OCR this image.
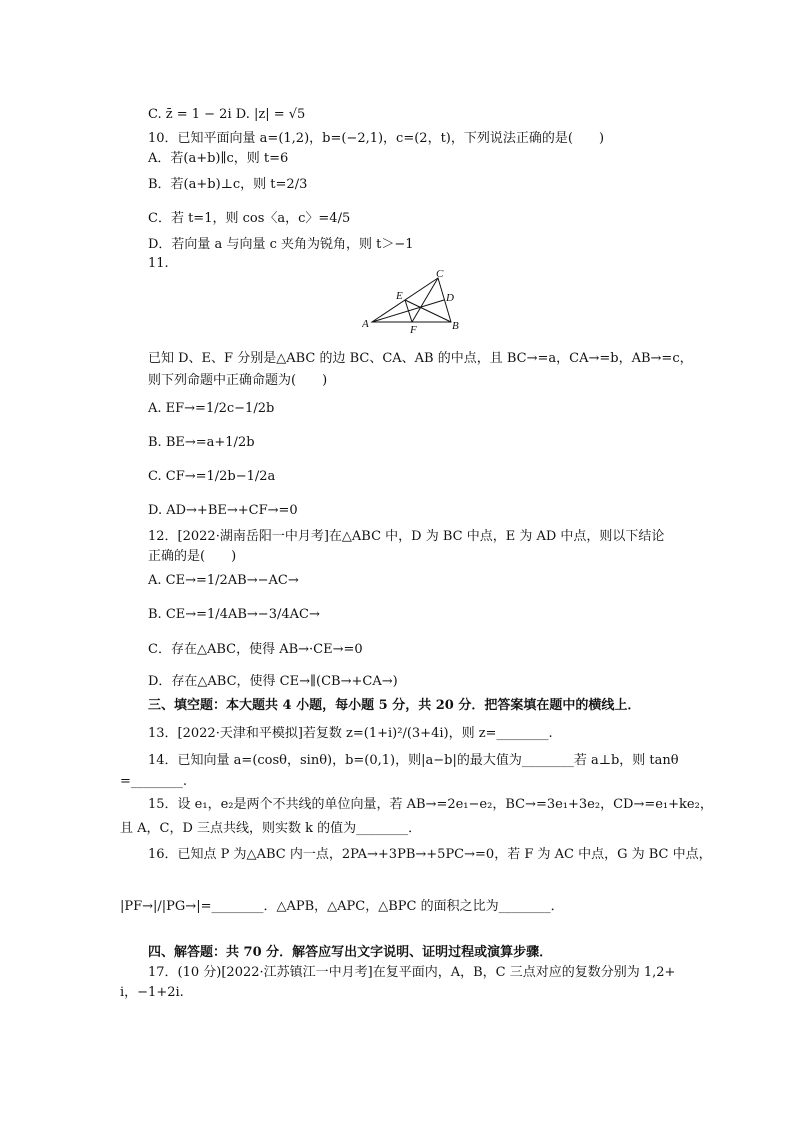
C. z̄ = 1 − 2i D. |z| = √5
10．已知平面向量 a=(1,2)，b=(−2,1)，c=(2，t)，下列说法正确的是(　　)
A．若(a+b)∥c，则 t=6
B．若(a+b)⊥c，则 t=2/3
C．若 t=1，则 cos〈a，c〉=4/5
D．若向量 a 与向量 c 夹角为锐角，则 t＞−1
11.
A	B
C
D
E
F
已知 D、E、F 分别是△ABC 的边 BC、CA、AB 的中点，且 BC→=a，CA→=b，AB→=c，
则下列命题中正确命题为(　　)
A. EF→=1/2c−1/2b
B. BE→=a+1/2b
C. CF→=1/2b−1/2a
D. AD→+BE→+CF→=0
12．[2022·湖南岳阳一中月考]在△ABC 中，D 为 BC 中点，E 为 AD 中点，则以下结论
正确的是(　　)
A. CE→=1/2AB→−AC→
B. CE→=1/4AB→−3/4AC→
C．存在△ABC，使得 AB→·CE→=0
D．存在△ABC，使得 CE→∥(CB→+CA→)
三、填空题：本大题共 4 小题，每小题 5 分，共 20 分．把答案填在题中的横线上．
13．[2022·天津和平模拟]若复数 z=(1+i)²/(3+4i)，则 z=________.
14．已知向量 a=(cosθ，sinθ)，b=(0,1)，则|a−b|的最大值为________若 a⊥b，则 tanθ
=________.
15．设 e₁，e₂是两个不共线的单位向量，若 AB→=2e₁−e₂，BC→=3e₁+3e₂，CD→=e₁+ke₂，
且 A，C，D 三点共线，则实数 k 的值为________．
16．已知点 P 为△ABC 内一点，2PA→+3PB→+5PC→=0，若 F 为 AC 中点，G 为 BC 中点，
|PF→|/|PG→|=________．△APB，△APC，△BPC 的面积之比为________．
四、解答题：共 70 分．解答应写出文字说明、证明过程或演算步骤．
17．(10 分)[2022·江苏镇江一中月考]在复平面内，A，B，C 三点对应的复数分别为 1,2+
i，−1+2i.
